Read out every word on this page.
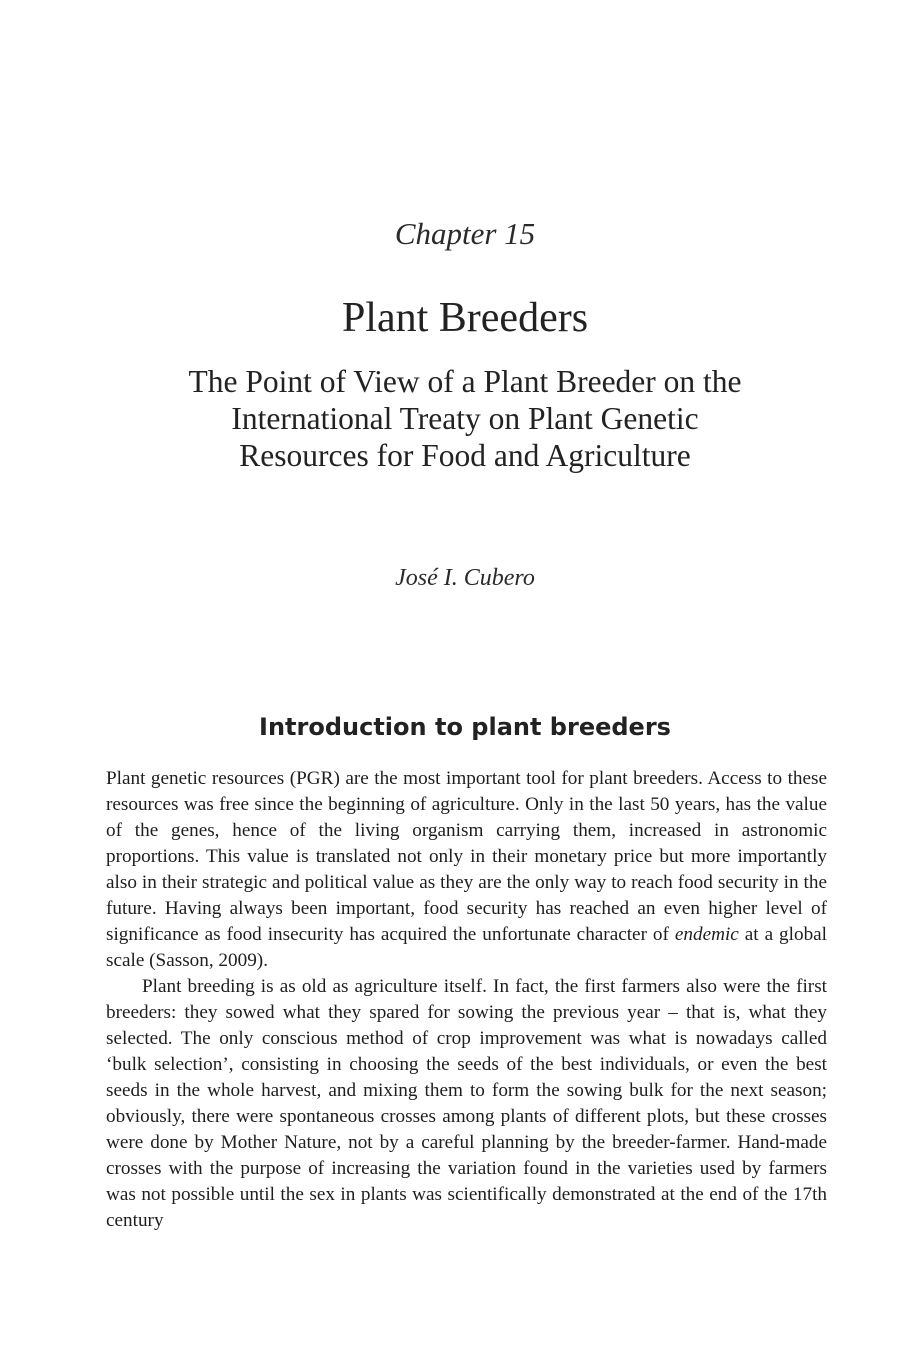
Chapter 15
Plant Breeders
The Point of View of a Plant Breeder on the
International Treaty on Plant Genetic
Resources for Food and Agriculture
José I. Cubero
Introduction to plant breeders

Plant genetic resources (PGR) are the most important tool for plant breeders. Access to these resources was free since the beginning of agriculture. Only in the last 50 years, has the value of the genes, hence of the living organism carrying them, increased in astronomic proportions. This value is translated not only in their monetary price but more importantly also in their strategic and political value as they are the only way to reach food security in the future. Having always been important, food security has reached an even higher level of significance as food insecurity has acquired the unfortunate character of endemic at a global scale (Sasson, 2009).

Plant breeding is as old as agriculture itself. In fact, the first farmers also were the first breeders: they sowed what they spared for sowing the previous year – that is, what they selected. The only conscious method of crop improvement was what is nowadays called ‘bulk selection’, consisting in choosing the seeds of the best individuals, or even the best seeds in the whole harvest, and mixing them to form the sowing bulk for the next season; obviously, there were spontaneous crosses among plants of different plots, but these crosses were done by Mother Nature, not by a careful planning by the breeder-farmer. Hand-made crosses with the purpose of increasing the variation found in the varieties used by farmers was not possible until the sex in plants was scientifically demonstrated at the end of the 17th century
